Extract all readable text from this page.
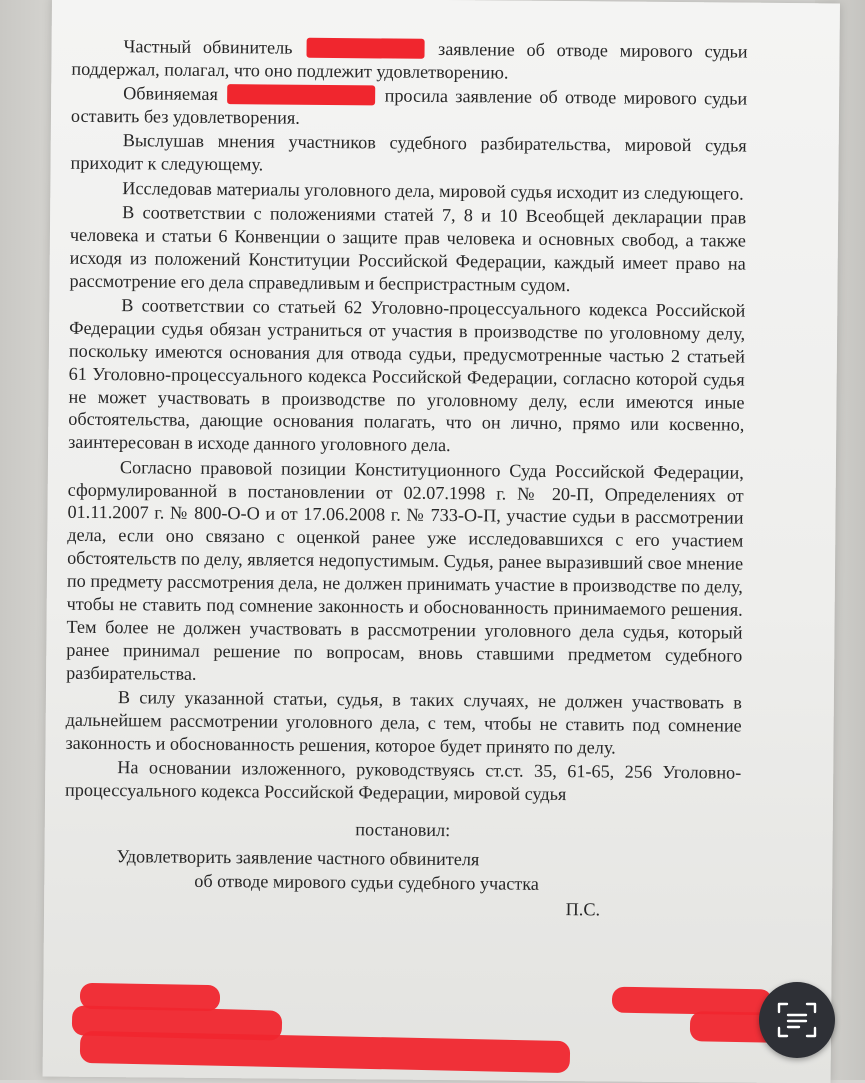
Частный обвинитель	заявление об отводе мирового судьи поддержал, полагал, что оно подлежит удовлетворению.

Обвиняемая	просила заявление об отводе мирового судьи оставить без удовлетворения.

Выслушав мнения участников судебного разбирательства, мировой судья приходит к следующему.

Исследовав материалы уголовного дела, мировой судья исходит из следующего.

В соответствии с положениями статей 7, 8 и 10 Всеобщей декларации прав человека и статьи 6 Конвенции о защите прав человека и основных свобод, а также исходя из положений Конституции Российской Федерации, каждый имеет право на рассмотрение его дела справедливым и беспристрастным судом.

В соответствии со статьей 62 Уголовно-процессуального кодекса Российской Федерации судья обязан устраниться от участия в производстве по уголовному делу, поскольку имеются основания для отвода судьи, предусмотренные частью 2 статьей 61 Уголовно-процессуального кодекса Российской Федерации, согласно которой судья не может участвовать в производстве по уголовному делу, если имеются иные обстоятельства, дающие основания полагать, что он лично, прямо или косвенно, заинтересован в исходе данного уголовного дела.

Согласно правовой позиции Конституционного Суда Российской Федерации, сформулированной в постановлении от 02.07.1998 г. № 20-П, Определениях от 01.11.2007 г. № 800-О-О и от 17.06.2008 г. № 733-О-П, участие судьи в рассмотрении дела, если оно связано с оценкой ранее уже исследовавшихся с его участием обстоятельств по делу, является недопустимым. Судья, ранее выразивший свое мнение по предмету рассмотрения дела, не должен принимать участие в производстве по делу, чтобы не ставить под сомнение законность и обоснованность принимаемого решения. Тем более не должен участвовать в рассмотрении уголовного дела судья, который ранее принимал решение по вопросам, вновь ставшими предметом судебного разбирательства.

В силу указанной статьи, судья, в таких случаях, не должен участвовать в дальнейшем рассмотрении уголовного дела, с тем, чтобы не ставить под сомнение законность и обоснованность решения, которое будет принято по делу.

На основании изложенного, руководствуясь ст.ст. 35, 61-65, 256 Уголовно-процессуального кодекса Российской Федерации, мировой судья

постановил:

Удовлетворить заявление частного обвинителя

об отводе мирового судьи судебного участка

П.С.
